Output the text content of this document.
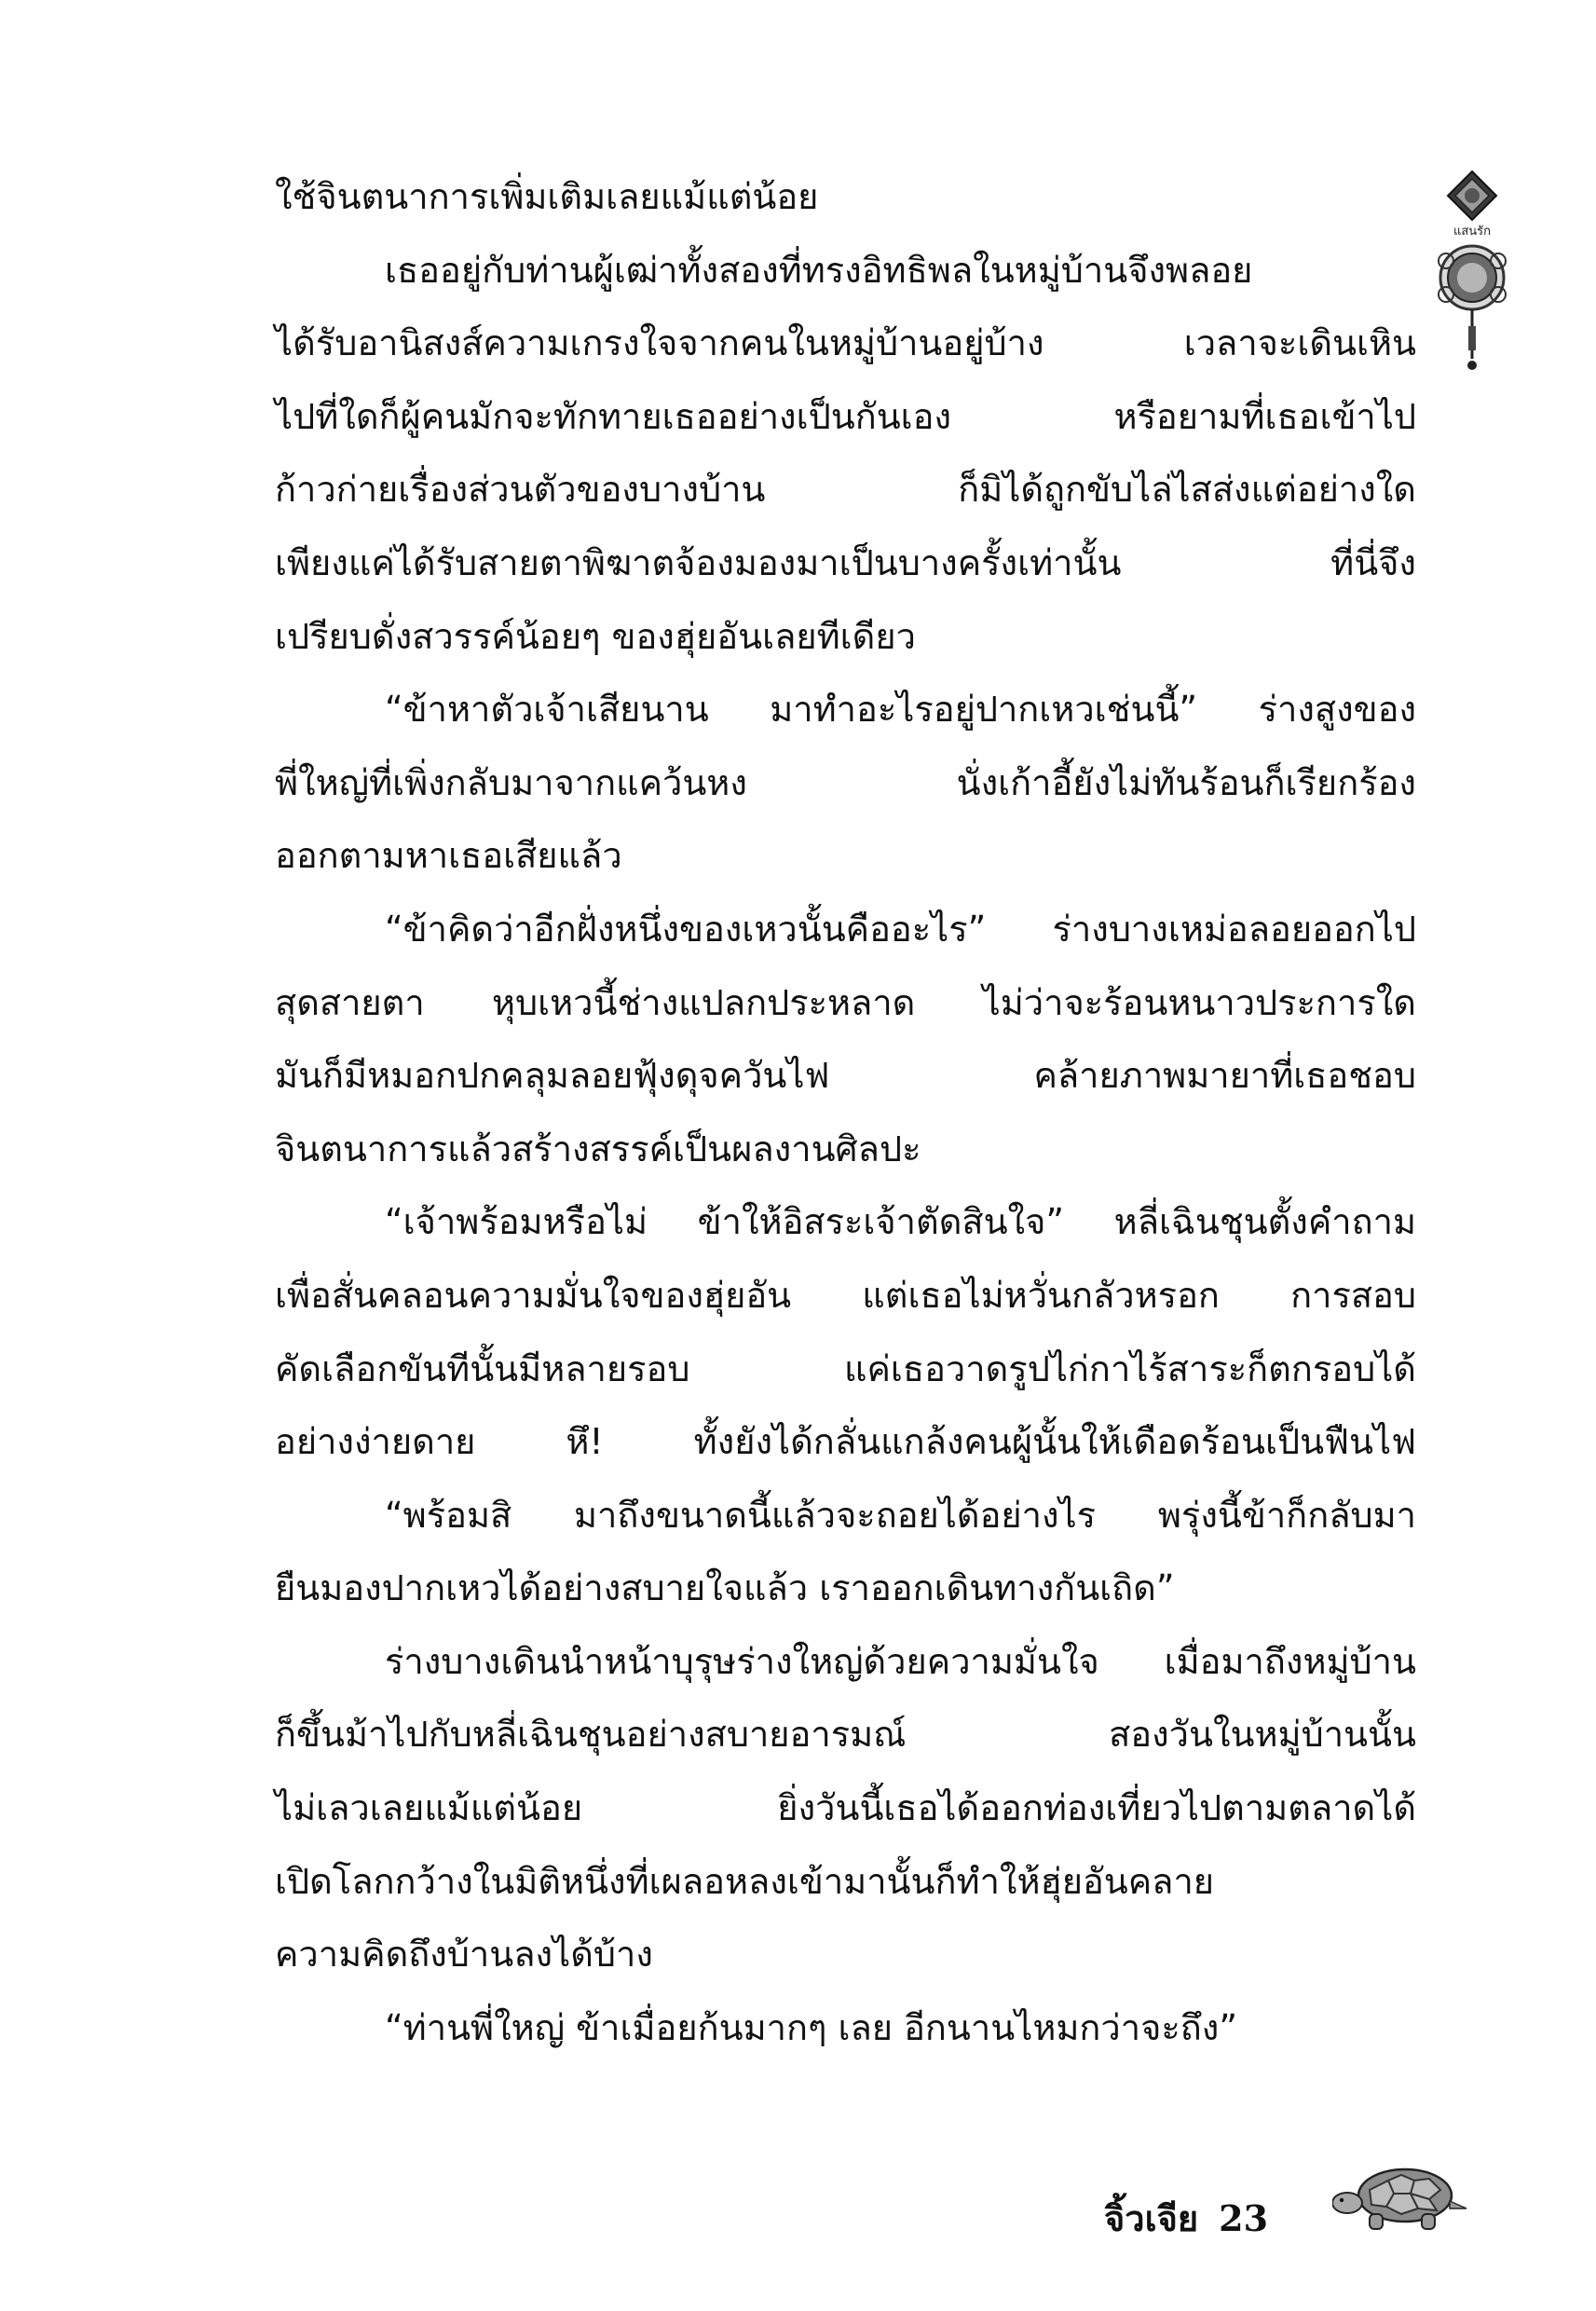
ใช้จินตนาการเพิ่มเติมเลยแม้แต่น้อย
เธออยู่กับท่านผู้เฒ่าทั้งสองที่ทรงอิทธิพลในหมู่บ้านจึงพลอย
ได้รับอานิสงส์ความเกรงใจจากคนในหมู่บ้านอยู่บ้าง เวลาจะเดินเหิน
ไปที่ใดก็ผู้คนมักจะทักทายเธออย่างเป็นกันเอง หรือยามที่เธอเข้าไป
ก้าวก่ายเรื่องส่วนตัวของบางบ้าน ก็มิได้ถูกขับไล่ไสส่งแต่อย่างใด
เพียงแค่ได้รับสายตาพิฆาตจ้องมองมาเป็นบางครั้งเท่านั้น ที่นี่จึง
เปรียบดั่งสวรรค์น้อยๆ ของฮุ่ยอันเลยทีเดียว
“ข้าหาตัวเจ้าเสียนาน มาทำอะไรอยู่ปากเหวเช่นนี้” ร่างสูงของ
พี่ใหญ่ที่เพิ่งกลับมาจากแคว้นหง นั่งเก้าอี้ยังไม่ทันร้อนก็เรียกร้อง
ออกตามหาเธอเสียแล้ว
“ข้าคิดว่าอีกฝั่งหนึ่งของเหวนั้นคืออะไร” ร่างบางเหม่อลอยออกไป
สุดสายตา หุบเหวนี้ช่างแปลกประหลาด ไม่ว่าจะร้อนหนาวประการใด
มันก็มีหมอกปกคลุมลอยฟุ้งดุจควันไฟ คล้ายภาพมายาที่เธอชอบ
จินตนาการแล้วสร้างสรรค์เป็นผลงานศิลปะ
“เจ้าพร้อมหรือไม่ ข้าให้อิสระเจ้าตัดสินใจ” หลี่เฉินชุนตั้งคำถาม
เพื่อสั่นคลอนความมั่นใจของฮุ่ยอัน แต่เธอไม่หวั่นกลัวหรอก การสอบ
คัดเลือกขันทีนั้นมีหลายรอบ แค่เธอวาดรูปไก่กาไร้สาระก็ตกรอบได้
อย่างง่ายดาย หึ! ทั้งยังได้กลั่นแกล้งคนผู้นั้นให้เดือดร้อนเป็นฟืนไฟ
“พร้อมสิ มาถึงขนาดนี้แล้วจะถอยได้อย่างไร พรุ่งนี้ข้าก็กลับมา
ยืนมองปากเหวได้อย่างสบายใจแล้ว เราออกเดินทางกันเถิด”
ร่างบางเดินนำหน้าบุรุษร่างใหญ่ด้วยความมั่นใจ เมื่อมาถึงหมู่บ้าน
ก็ขึ้นม้าไปกับหลี่เฉินชุนอย่างสบายอารมณ์ สองวันในหมู่บ้านนั้น
ไม่เลวเลยแม้แต่น้อย ยิ่งวันนี้เธอได้ออกท่องเที่ยวไปตามตลาดได้
เปิดโลกกว้างในมิติหนึ่งที่เผลอหลงเข้ามานั้นก็ทำให้ฮุ่ยอันคลาย
ความคิดถึงบ้านลงได้บ้าง
“ท่านพี่ใหญ่ ข้าเมื่อยก้นมากๆ เลย อีกนานไหมกว่าจะถึง”
แสนรัก
จิ้วเจีย 23
